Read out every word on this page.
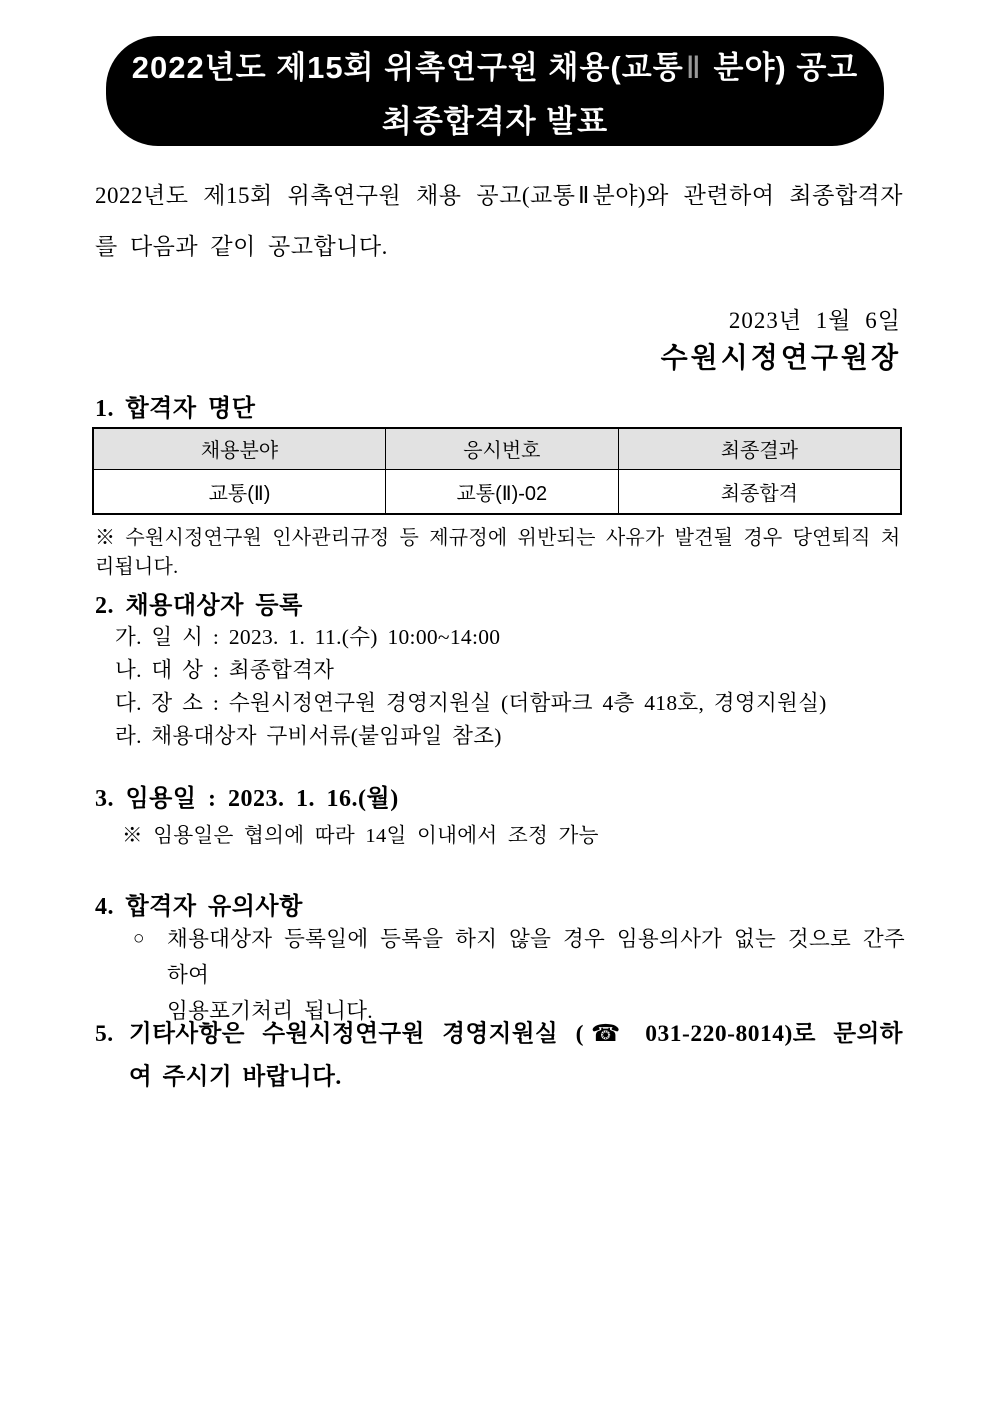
2022년도 제15회 위촉연구원 채용(교통Ⅱ 분야) 공고
최종합격자 발표
2022년도 제15회 위촉연구원 채용 공고(교통Ⅱ분야)와 관련하여 최종합격자
를 다음과 같이 공고합니다.
2023년 1월 6일
수원시정연구원장
1. 합격자 명단
채용분야	응시번호	최종결과
교통(Ⅱ)	교통(Ⅱ)-02	최종합격
※ 수원시정연구원 인사관리규정 등 제규정에 위반되는 사유가 발견될 경우 당연퇴직 처리됩니다.
2. 채용대상자 등록
가. 일 시 : 2023. 1. 11.(수) 10:00~14:00
나. 대 상 : 최종합격자
다. 장 소 : 수원시정연구원 경영지원실 (더함파크 4층 418호, 경영지원실)
라. 채용대상자 구비서류(붙임파일 참조)
3. 임용일 : 2023. 1. 16.(월)
※ 임용일은 협의에 따라 14일 이내에서 조정 가능
4. 합격자 유의사항
○	채용대상자 등록일에 등록을 하지 않을 경우 임용의사가 없는 것으로 간주하여
임용포기처리 됩니다.
5. 기타사항은 수원시정연구원 경영지원실 (☎ 031-220-8014)로 문의하
여 주시기 바랍니다.
